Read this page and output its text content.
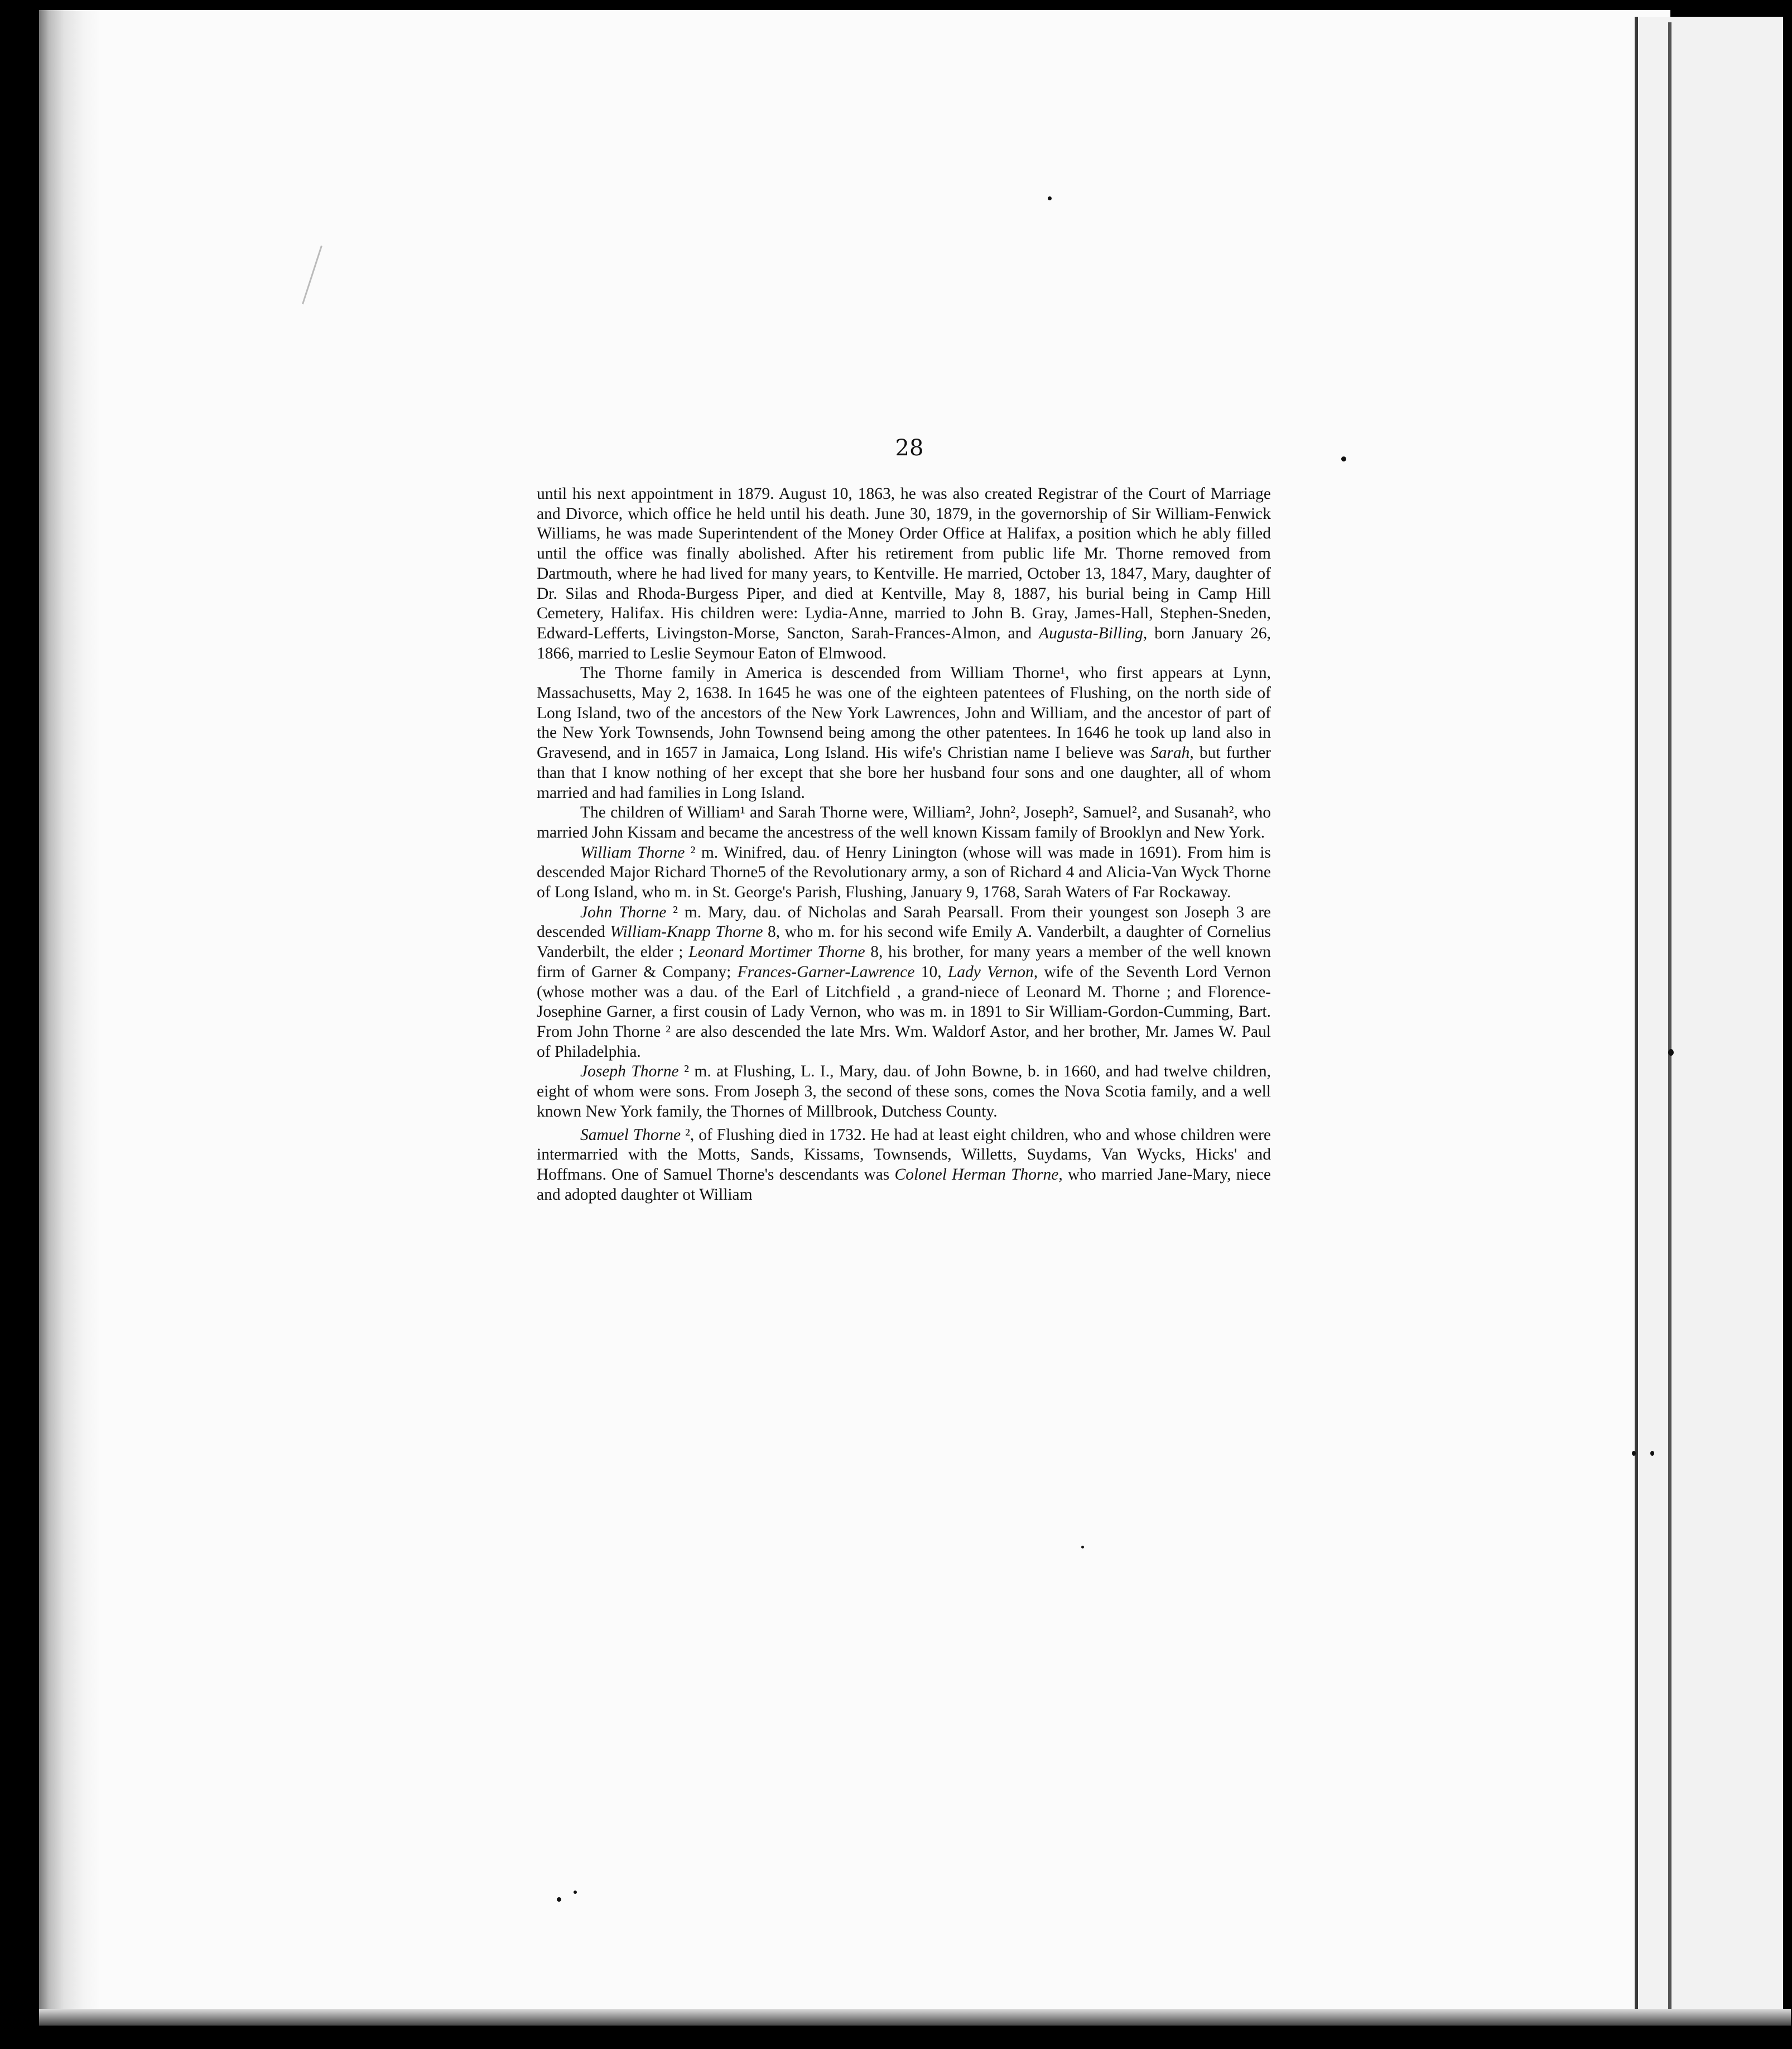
28

until his next appointment in 1879. August 10, 1863, he was also created Registrar of the Court of Marriage and Divorce, which office he held until his death. June 30, 1879, in the governorship of Sir William-Fenwick Williams, he was made Superintendent of the Money Order Office at Halifax, a position which he ably filled until the office was finally abolished. After his retirement from public life Mr. Thorne removed from Dartmouth, where he had lived for many years, to Kentville. He married, October 13, 1847, Mary, daughter of Dr. Silas and Rhoda-Burgess Piper, and died at Kentville, May 8, 1887, his burial being in Camp Hill Cemetery, Halifax. His children were: Lydia-Anne, married to John B. Gray, James-Hall, Stephen-Sneden, Edward-Lefferts, Livingston-Morse, Sancton, Sarah-Frances-Almon, and Augusta-Billing, born January 26, 1866, married to Leslie Seymour Eaton of Elmwood.

The Thorne family in America is descended from William Thorne¹, who first appears at Lynn, Massachusetts, May 2, 1638. In 1645 he was one of the eighteen patentees of Flushing, on the north side of Long Island, two of the ancestors of the New York Lawrences, John and William, and the ancestor of part of the New York Townsends, John Townsend being among the other patentees. In 1646 he took up land also in Gravesend, and in 1657 in Jamaica, Long Island. His wife's Christian name I believe was Sarah, but further than that I know nothing of her except that she bore her husband four sons and one daughter, all of whom married and had families in Long Island.

The children of William¹ and Sarah Thorne were, William², John², Joseph², Samuel², and Susanah², who married John Kissam and became the ancestress of the well known Kissam family of Brooklyn and New York.

William Thorne ² m. Winifred, dau. of Henry Linington (whose will was made in 1691). From him is descended Major Richard Thorne5 of the Revolutionary army, a son of Richard 4 and Alicia-Van Wyck Thorne of Long Island, who m. in St. George's Parish, Flushing, January 9, 1768, Sarah Waters of Far Rockaway.

John Thorne ² m. Mary, dau. of Nicholas and Sarah Pearsall. From their youngest son Joseph 3 are descended William-Knapp Thorne 8, who m. for his second wife Emily A. Vanderbilt, a daughter of Cornelius Vanderbilt, the elder ; Leonard Mortimer Thorne 8, his brother, for many years a member of the well known firm of Garner & Company; Frances-Garner-Lawrence 10, Lady Vernon, wife of the Seventh Lord Vernon (whose mother was a dau. of the Earl of Litchfield , a grand-niece of Leonard M. Thorne ; and Florence-Josephine Garner, a first cousin of Lady Vernon, who was m. in 1891 to Sir William-Gordon-Cumming, Bart. From John Thorne ² are also descended the late Mrs. Wm. Waldorf Astor, and her brother, Mr. James W. Paul of Philadelphia.

Joseph Thorne ² m. at Flushing, L. I., Mary, dau. of John Bowne, b. in 1660, and had twelve children, eight of whom were sons. From Joseph 3, the second of these sons, comes the Nova Scotia family, and a well known New York family, the Thornes of Millbrook, Dutchess County.

Samuel Thorne ², of Flushing died in 1732. He had at least eight children, who and whose children were intermarried with the Motts, Sands, Kissams, Townsends, Willetts, Suydams, Van Wycks, Hicks' and Hoffmans. One of Samuel Thorne's descendants was Colonel Herman Thorne, who married Jane-Mary, niece and adopted daughter ot William
